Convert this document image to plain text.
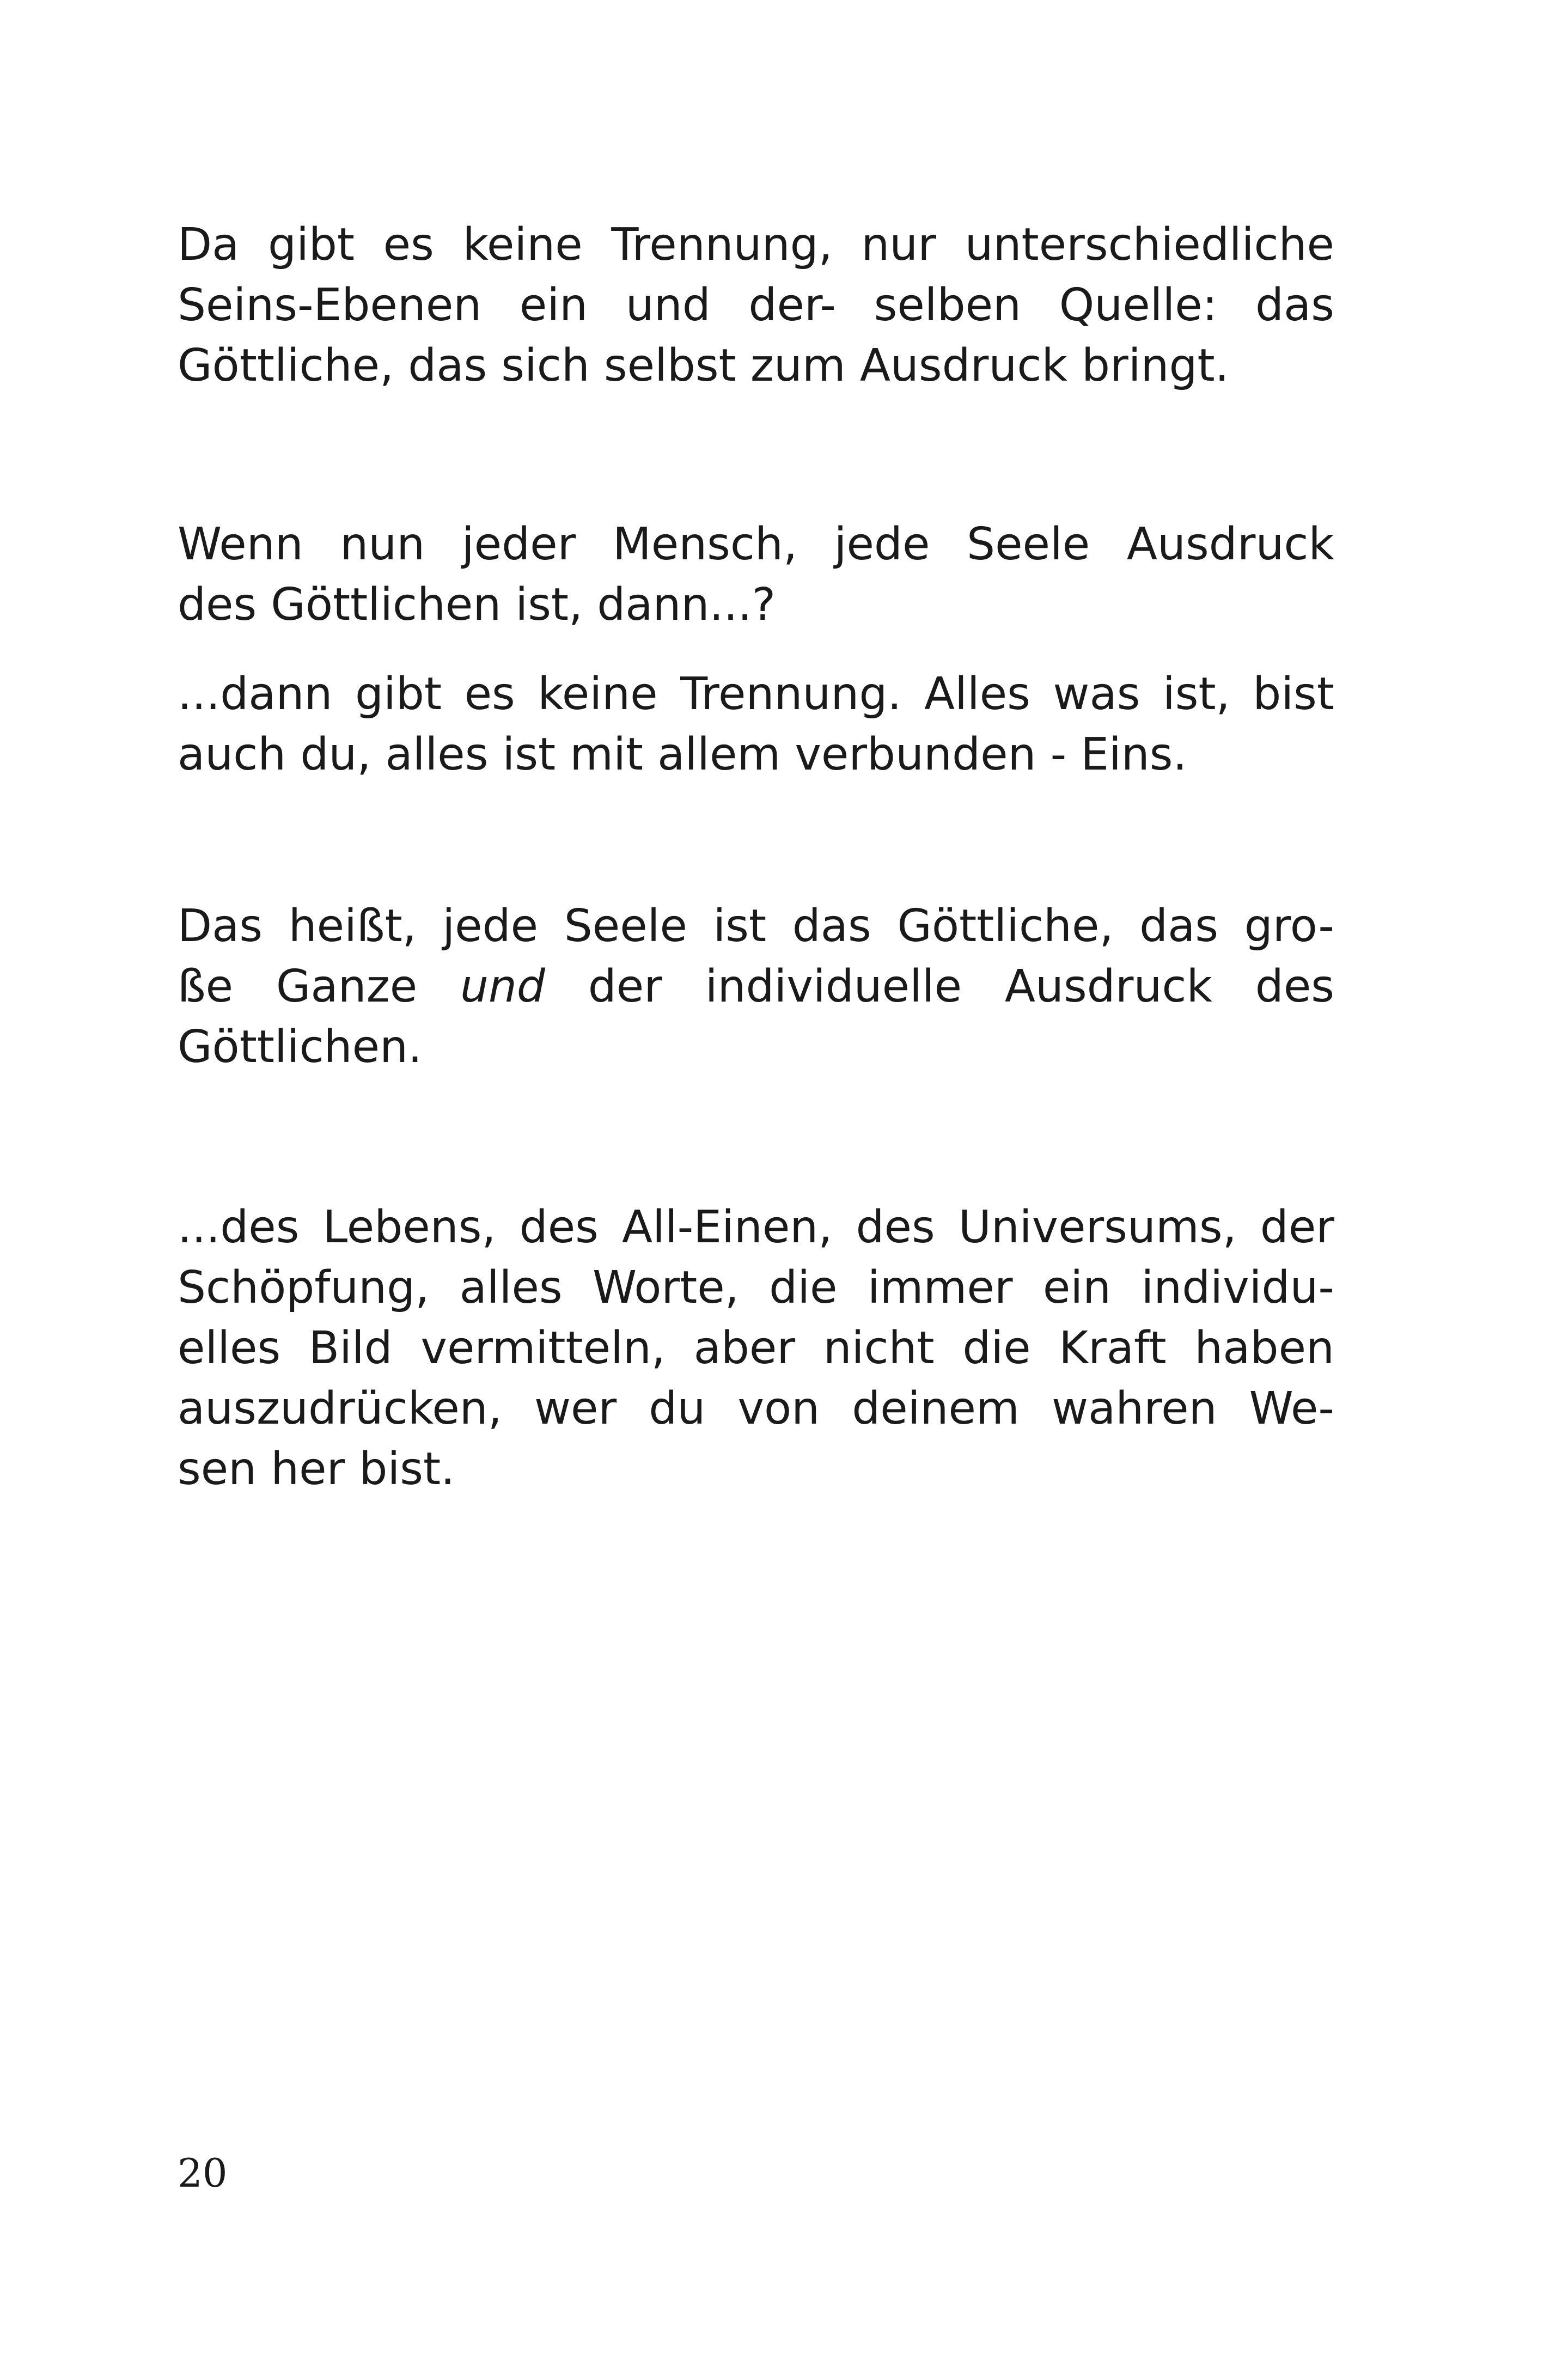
Da gibt es keine Trennung, nur unterschiedliche
Seins-Ebenen ein und der- selben Quelle: das
Göttliche, das sich selbst zum Ausdruck bringt.
Wenn nun jeder Mensch, jede Seele Ausdruck
des Göttlichen ist, dann...?
...dann gibt es keine Trennung. Alles was ist, bist
auch du, alles ist mit allem verbunden - Eins.
Das heißt, jede Seele ist das Göttliche, das gro-
ße Ganze und der individuelle Ausdruck des
Göttlichen.
...des Lebens, des All-Einen, des Universums, der
Schöpfung, alles Worte, die immer ein individu-
elles Bild vermitteln, aber nicht die Kraft haben
auszudrücken, wer du von deinem wahren We-
sen her bist.
20
